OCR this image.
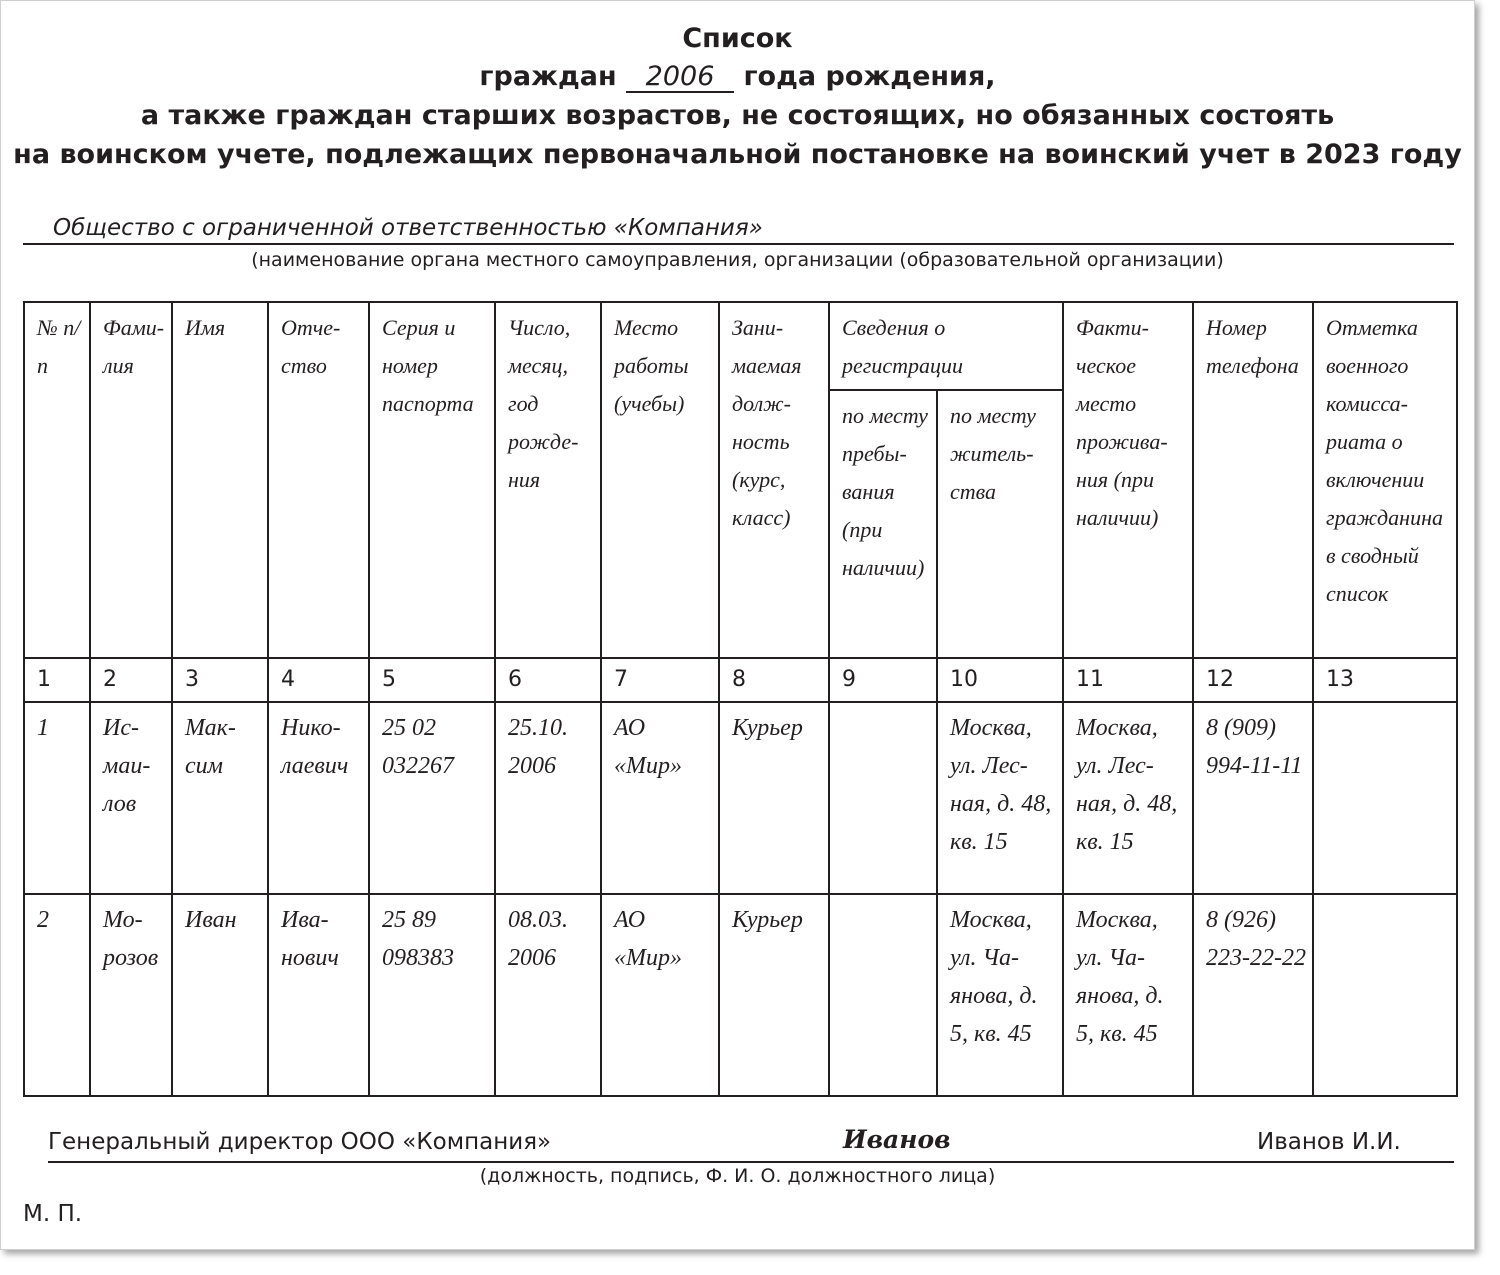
Список
граждан 2006 года рождения,
а также граждан старших возрастов, не состоящих, но обязанных состоять
на воинском учете, подлежащих первоначальной постановке на воинский учет в 2023 году
Общество с ограниченной ответственностью «Компания»
(наименование органа местного самоуправления, организации (образовательной организации)
№ п/п	Фамилия	Имя	Отчество	Серия и номер паспорта	Число, месяц, год рождения	Место работы (учебы)	Занимаемая должность (курс, класс)	Сведения о регистрации		Фактическое место проживания (при наличии)	Номер телефона	Отметка военного комиссариата о включении гражданина в сводный список
								по месту пребывания (при наличии)	по месту жительства			
1	2	3	4	5	6	7	8	9	10	11	12	13
1	Исмаилов	Максим	Николаевич	25 02 032267	25.10. 2006	АО «Мир»	Курьер		Москва, ул. Лесная, д. 48, кв. 15	Москва, ул. Лесная, д. 48, кв. 15	8 (909) 994-11-11	
2	Морозов	Иван	Иванович	25 89 098383	08.03. 2006	АО «Мир»	Курьер		Москва, ул. Чаянова, д. 5, кв. 45	Москва, ул. Чаянова, д. 5, кв. 45	8 (926) 223-22-22	
Генеральный директор ООО «Компания»	Иванов	Иванов И.И.
(должность, подпись, Ф. И. О. должностного лица)
М. П.
